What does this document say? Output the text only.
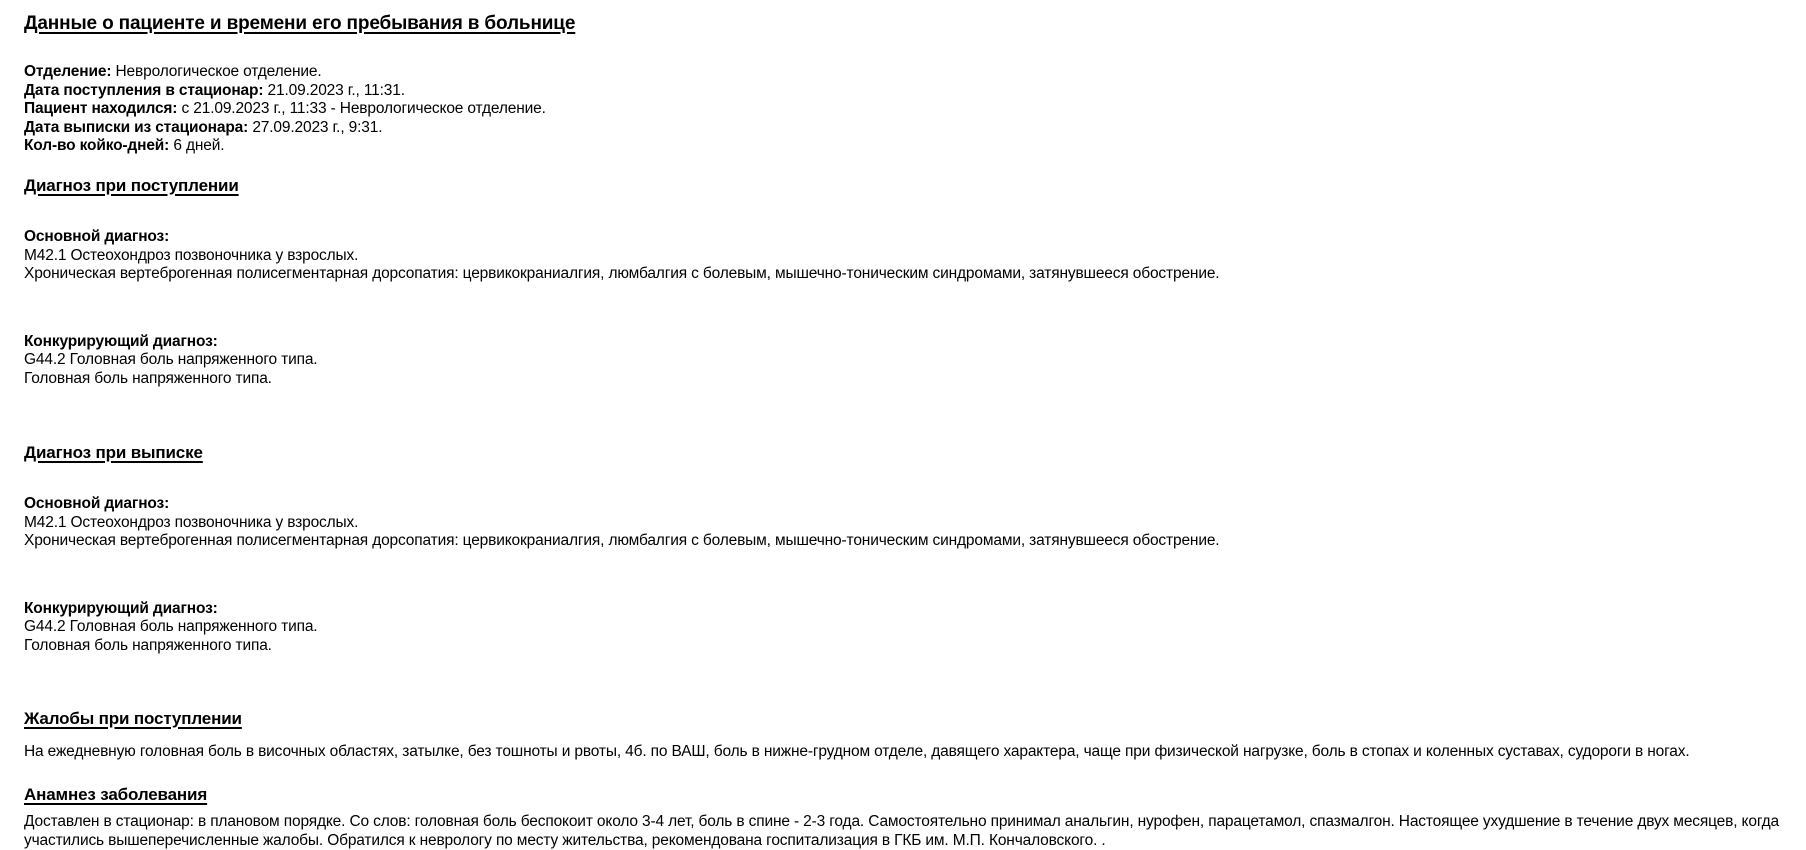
Данные о пациенте и времени его пребывания в больнице

Отделение: Неврологическое отделение.

Дата поступления в стационар: 21.09.2023 г., 11:31.

Пациент находился: с 21.09.2023 г., 11:33 - Неврологическое отделение.

Дата выписки из стационара: 27.09.2023 г., 9:31.

Кол-во койко-дней: 6 дней.

Диагноз при поступлении

Основной диагноз:
M42.1 Остеохондроз позвоночника у взрослых.

Хроническая вертеброгенная полисегментарная дорсопатия: цервикокраниалгия, люмбалгия с болевым, мышечно-тоническим синдромами, затянувшееся обострение.

Конкурирующий диагноз:
G44.2 Головная боль напряженного типа.

Головная боль напряженного типа.

Диагноз при выписке

Основной диагноз:
M42.1 Остеохондроз позвоночника у взрослых.

Хроническая вертеброгенная полисегментарная дорсопатия: цервикокраниалгия, люмбалгия с болевым, мышечно-тоническим синдромами, затянувшееся обострение.

Конкурирующий диагноз:
G44.2 Головная боль напряженного типа.

Головная боль напряженного типа.

Жалобы при поступлении
На ежедневную головная боль в височных областях, затылке, без тошноты и рвоты, 4б. по ВАШ, боль в нижне-грудном отделе, давящего характера, чаще при физической нагрузке, боль в стопах и коленных суставах, судороги в ногах.
Анамнез заболевания
Доставлен в стационар: в плановом порядке. Со слов: головная боль беспокоит около 3-4 лет, боль в спине - 2-3 года. Самостоятельно принимал анальгин, нурофен, парацетамол, спазмалгон. Настоящее ухудшение в течение двух месяцев, когда участились вышеперечисленные жалобы. Обратился к неврологу по месту жительства, рекомендована госпитализация в ГКБ им. М.П. Кончаловского. .
